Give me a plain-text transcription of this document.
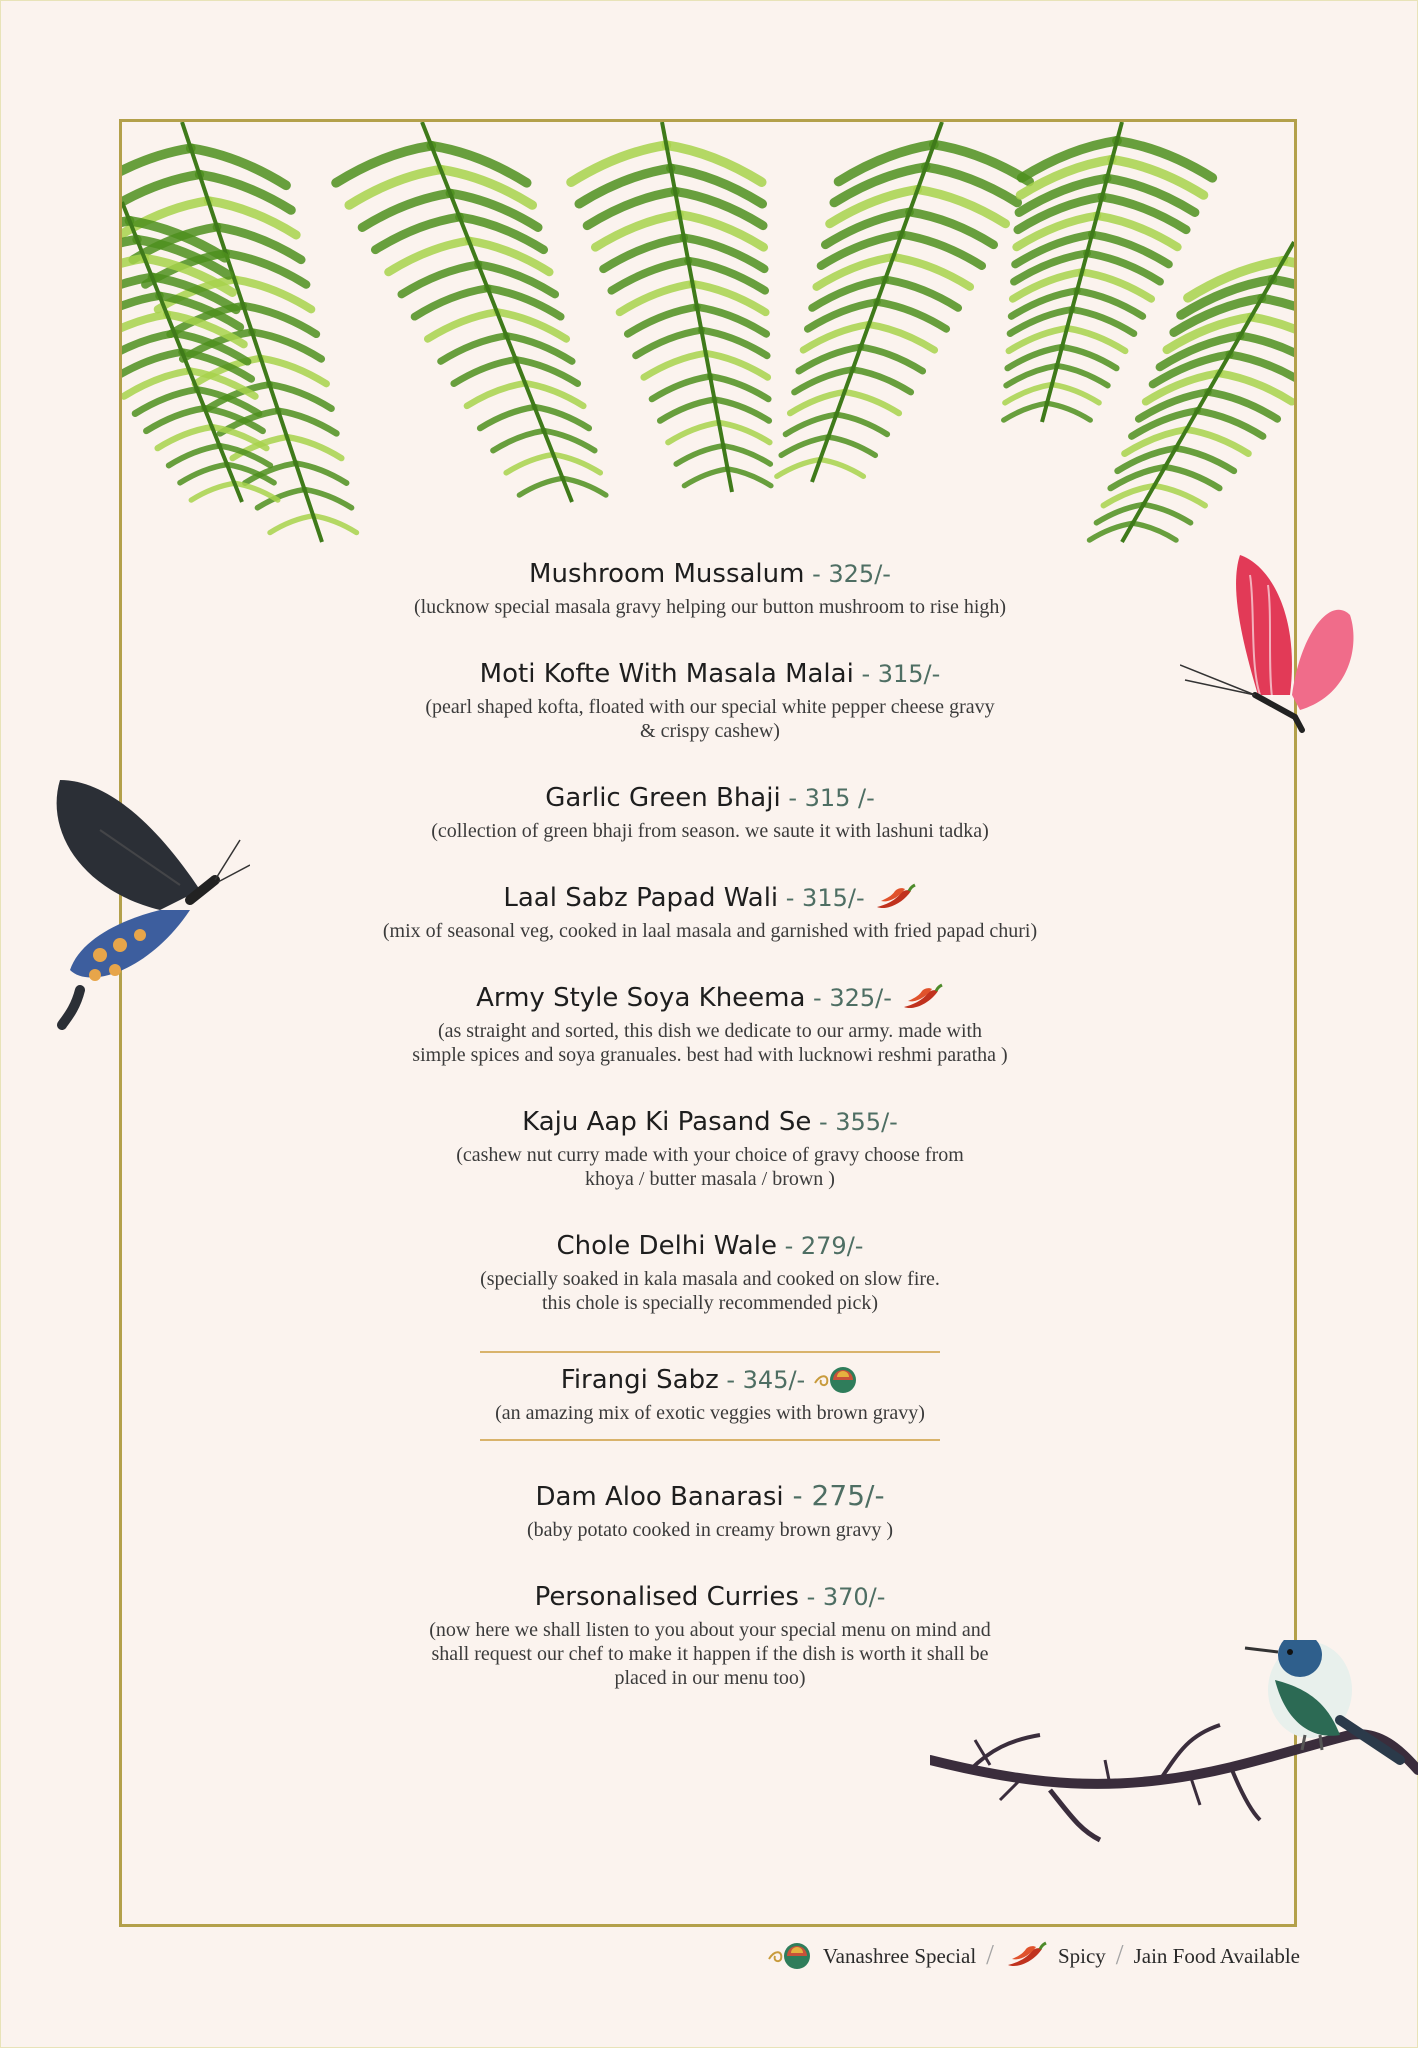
Mushroom Mussalum - 325/-
(lucknow special masala gravy helping our button mushroom to rise high)
Moti Kofte With Masala Malai - 315/-
(pearl shaped kofta, floated with our special white pepper cheese gravy
& crispy cashew)
Garlic Green Bhaji - 315 /-
(collection of green bhaji from season. we saute it with lashuni tadka)
Laal Sabz Papad Wali - 315/-
(mix of seasonal veg, cooked in laal masala and garnished with fried papad churi)
Army Style Soya Kheema - 325/-
(as straight and sorted, this dish we dedicate to our army. made with
simple spices and soya granuales. best had with lucknowi reshmi paratha )
Kaju Aap Ki Pasand Se - 355/-
(cashew nut curry made with your choice of gravy choose from
khoya / butter masala / brown )
Chole Delhi Wale - 279/-
(specially soaked in kala masala and cooked on slow fire.
this chole is specially recommended pick)
Firangi Sabz - 345/-
(an amazing mix of exotic veggies with brown gravy)
Dam Aloo Banarasi - 275/-
(baby potato cooked in creamy brown gravy )
Personalised Curries - 370/-
(now here we shall listen to you about your special menu on mind and
shall request our chef to make it happen if the dish is worth it shall be
placed in our menu too)
Vanashree Special /	Spicy / Jain Food Available
